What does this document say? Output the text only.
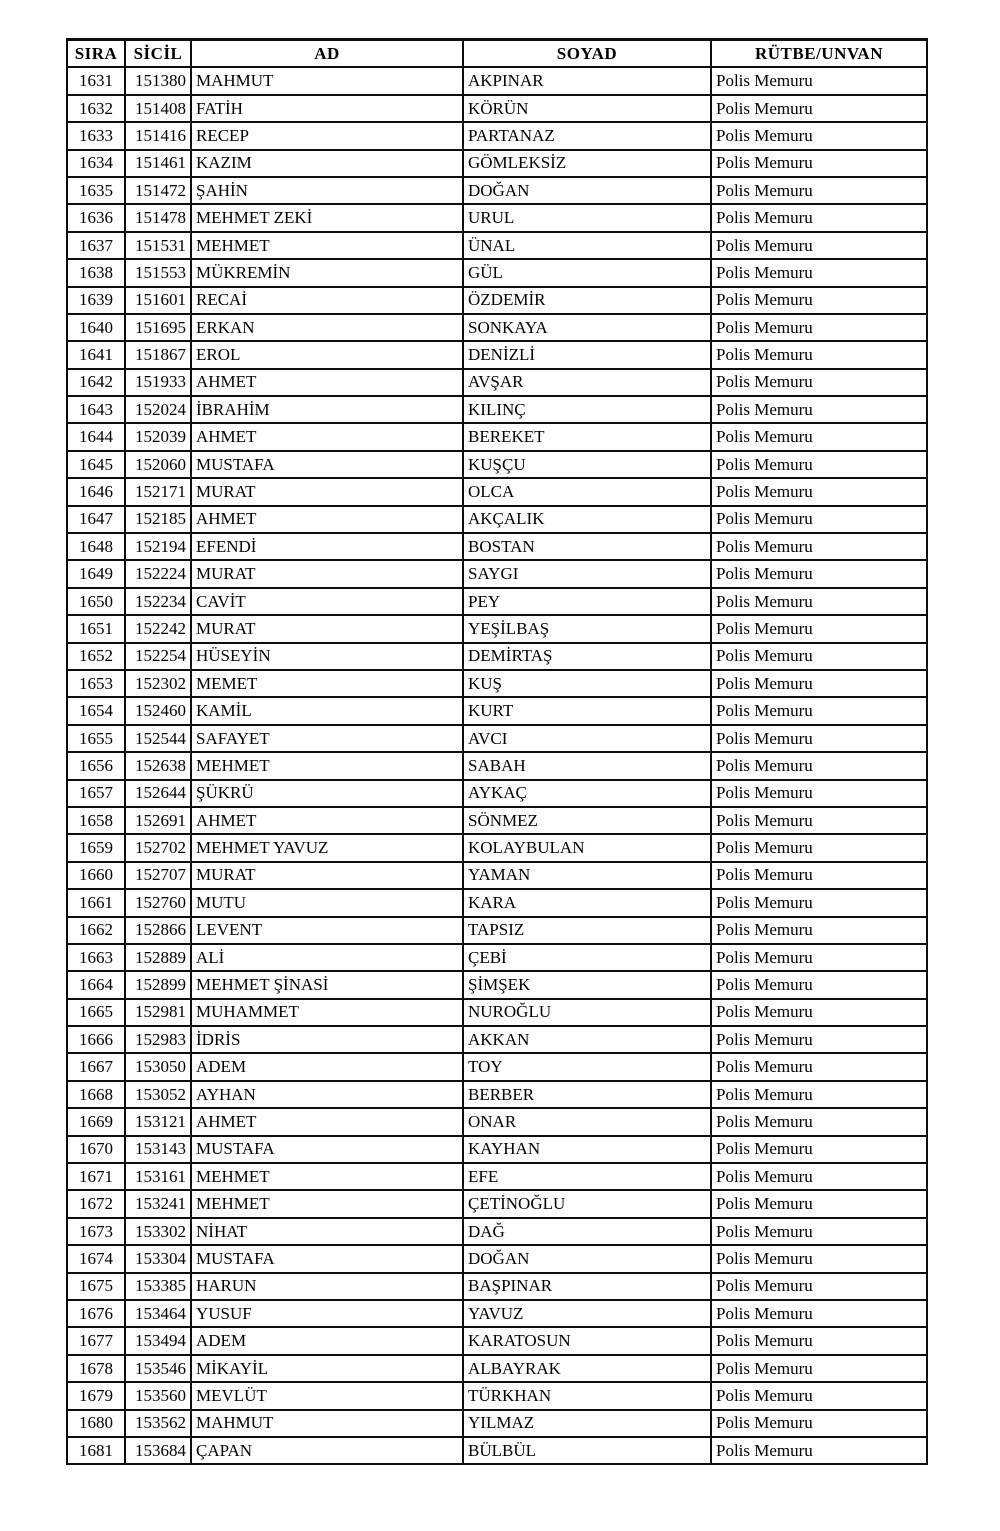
SIRA	SİCİL	AD	SOYAD	RÜTBE/UNVAN
1631	151380	MAHMUT	AKPINAR	Polis Memuru
1632	151408	FATİH	KÖRÜN	Polis Memuru
1633	151416	RECEP	PARTANAZ	Polis Memuru
1634	151461	KAZIM	GÖMLEKSİZ	Polis Memuru
1635	151472	ŞAHİN	DOĞAN	Polis Memuru
1636	151478	MEHMET ZEKİ	URUL	Polis Memuru
1637	151531	MEHMET	ÜNAL	Polis Memuru
1638	151553	MÜKREMİN	GÜL	Polis Memuru
1639	151601	RECAİ	ÖZDEMİR	Polis Memuru
1640	151695	ERKAN	SONKAYA	Polis Memuru
1641	151867	EROL	DENİZLİ	Polis Memuru
1642	151933	AHMET	AVŞAR	Polis Memuru
1643	152024	İBRAHİM	KILINÇ	Polis Memuru
1644	152039	AHMET	BEREKET	Polis Memuru
1645	152060	MUSTAFA	KUŞÇU	Polis Memuru
1646	152171	MURAT	OLCA	Polis Memuru
1647	152185	AHMET	AKÇALIK	Polis Memuru
1648	152194	EFENDİ	BOSTAN	Polis Memuru
1649	152224	MURAT	SAYGI	Polis Memuru
1650	152234	CAVİT	PEY	Polis Memuru
1651	152242	MURAT	YEŞİLBAŞ	Polis Memuru
1652	152254	HÜSEYİN	DEMİRTAŞ	Polis Memuru
1653	152302	MEMET	KUŞ	Polis Memuru
1654	152460	KAMİL	KURT	Polis Memuru
1655	152544	SAFAYET	AVCI	Polis Memuru
1656	152638	MEHMET	SABAH	Polis Memuru
1657	152644	ŞÜKRÜ	AYKAÇ	Polis Memuru
1658	152691	AHMET	SÖNMEZ	Polis Memuru
1659	152702	MEHMET YAVUZ	KOLAYBULAN	Polis Memuru
1660	152707	MURAT	YAMAN	Polis Memuru
1661	152760	MUTU	KARA	Polis Memuru
1662	152866	LEVENT	TAPSIZ	Polis Memuru
1663	152889	ALİ	ÇEBİ	Polis Memuru
1664	152899	MEHMET ŞİNASİ	ŞİMŞEK	Polis Memuru
1665	152981	MUHAMMET	NUROĞLU	Polis Memuru
1666	152983	İDRİS	AKKAN	Polis Memuru
1667	153050	ADEM	TOY	Polis Memuru
1668	153052	AYHAN	BERBER	Polis Memuru
1669	153121	AHMET	ONAR	Polis Memuru
1670	153143	MUSTAFA	KAYHAN	Polis Memuru
1671	153161	MEHMET	EFE	Polis Memuru
1672	153241	MEHMET	ÇETİNOĞLU	Polis Memuru
1673	153302	NİHAT	DAĞ	Polis Memuru
1674	153304	MUSTAFA	DOĞAN	Polis Memuru
1675	153385	HARUN	BAŞPINAR	Polis Memuru
1676	153464	YUSUF	YAVUZ	Polis Memuru
1677	153494	ADEM	KARATOSUN	Polis Memuru
1678	153546	MİKAYİL	ALBAYRAK	Polis Memuru
1679	153560	MEVLÜT	TÜRKHAN	Polis Memuru
1680	153562	MAHMUT	YILMAZ	Polis Memuru
1681	153684	ÇAPAN	BÜLBÜL	Polis Memuru
